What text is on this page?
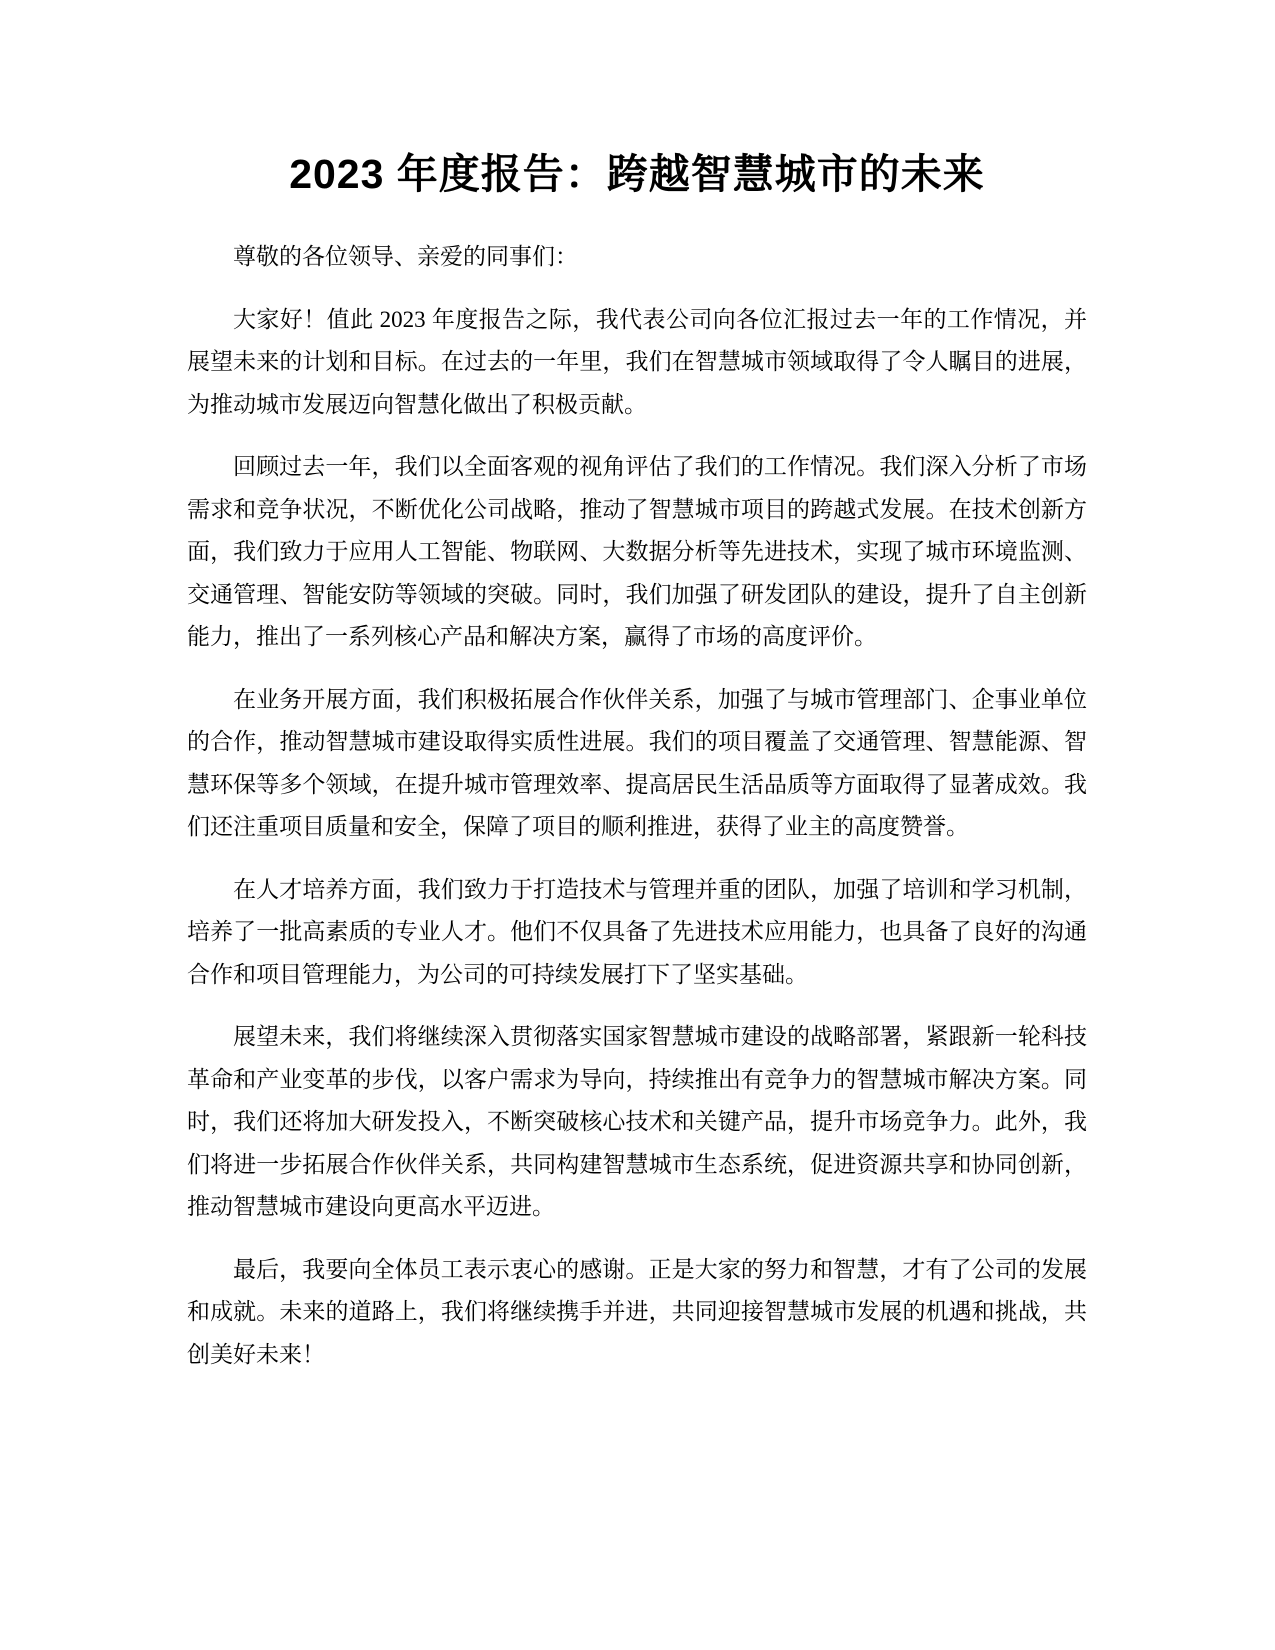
2023 年度报告：跨越智慧城市的未来

尊敬的各位领导、亲爱的同事们：

大家好！值此 2023 年度报告之际，我代表公司向各位汇报过去一年的工作情况，并展望未来的计划和目标。在过去的一年里，我们在智慧城市领域取得了令人瞩目的进展，为推动城市发展迈向智慧化做出了积极贡献。

回顾过去一年，我们以全面客观的视角评估了我们的工作情况。我们深入分析了市场需求和竞争状况，不断优化公司战略，推动了智慧城市项目的跨越式发展。在技术创新方面，我们致力于应用人工智能、物联网、大数据分析等先进技术，实现了城市环境监测、交通管理、智能安防等领域的突破。同时，我们加强了研发团队的建设，提升了自主创新能力，推出了一系列核心产品和解决方案，赢得了市场的高度评价。

在业务开展方面，我们积极拓展合作伙伴关系，加强了与城市管理部门、企事业单位的合作，推动智慧城市建设取得实质性进展。我们的项目覆盖了交通管理、智慧能源、智慧环保等多个领域，在提升城市管理效率、提高居民生活品质等方面取得了显著成效。我们还注重项目质量和安全，保障了项目的顺利推进，获得了业主的高度赞誉。

在人才培养方面，我们致力于打造技术与管理并重的团队，加强了培训和学习机制，培养了一批高素质的专业人才。他们不仅具备了先进技术应用能力，也具备了良好的沟通合作和项目管理能力，为公司的可持续发展打下了坚实基础。

展望未来，我们将继续深入贯彻落实国家智慧城市建设的战略部署，紧跟新一轮科技革命和产业变革的步伐，以客户需求为导向，持续推出有竞争力的智慧城市解决方案。同时，我们还将加大研发投入，不断突破核心技术和关键产品，提升市场竞争力。此外，我们将进一步拓展合作伙伴关系，共同构建智慧城市生态系统，促进资源共享和协同创新，推动智慧城市建设向更高水平迈进。

最后，我要向全体员工表示衷心的感谢。正是大家的努力和智慧，才有了公司的发展和成就。未来的道路上，我们将继续携手并进，共同迎接智慧城市发展的机遇和挑战，共创美好未来！
